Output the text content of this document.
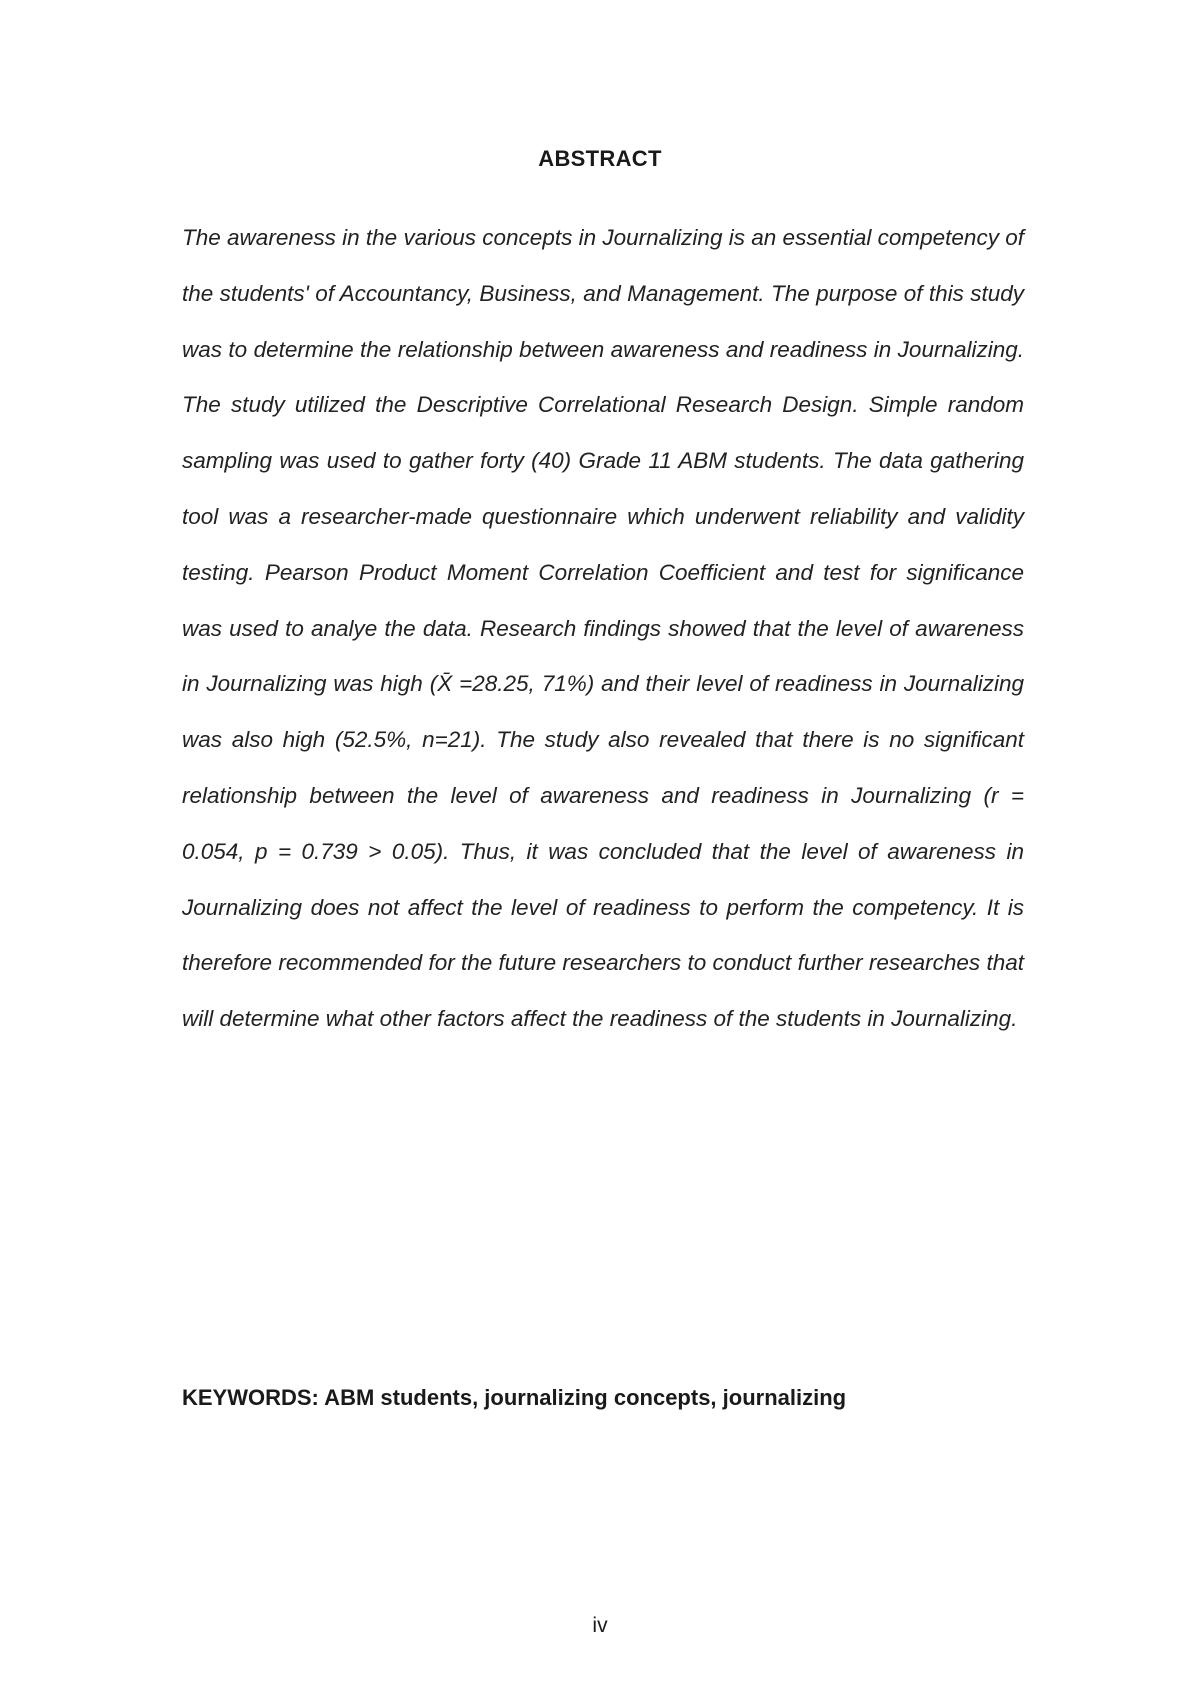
ABSTRACT

The awareness in the various concepts in Journalizing is an essential competency of the students' of Accountancy, Business, and Management. The purpose of this study was to determine the relationship between awareness and readiness in Journalizing. The study utilized the Descriptive Correlational Research Design. Simple random sampling was used to gather forty (40) Grade 11 ABM students. The data gathering tool was a researcher-made questionnaire which underwent reliability and validity testing. Pearson Product Moment Correlation Coefficient and test for significance was used to analye the data. Research findings showed that the level of awareness in Journalizing was high (X̄ =28.25, 71%) and their level of readiness in Journalizing was also high (52.5%, n=21). The study also revealed that there is no significant relationship between the level of awareness and readiness in Journalizing (r = 0.054, p = 0.739 > 0.05). Thus, it was concluded that the level of awareness in Journalizing does not affect the level of readiness to perform the competency. It is therefore recommended for the future researchers to conduct further researches that will determine what other factors affect the readiness of the students in Journalizing.

KEYWORDS: ABM students, journalizing concepts, journalizing
iv
